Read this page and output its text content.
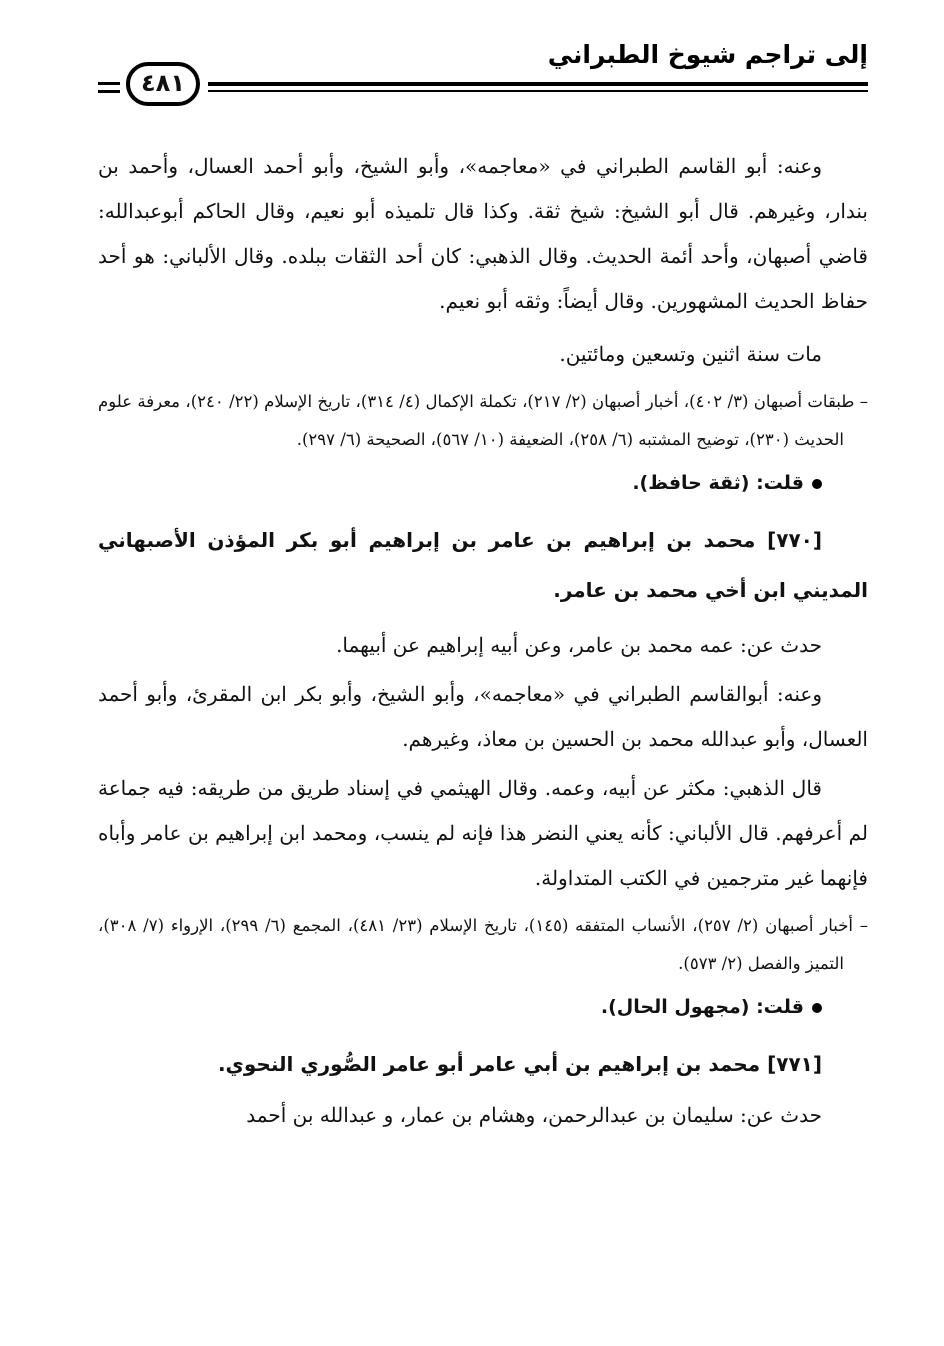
إلى تراجم شيوخ الطبراني
٤٨١

وعنه: أبو القاسم الطبراني في «معاجمه»، وأبو الشيخ، وأبو أحمد العسال، وأحمد بن بندار، وغيرهم. قال أبو الشيخ: شيخ ثقة. وكذا قال تلميذه أبو نعيم، وقال الحاكم أبوعبدالله: قاضي أصبهان، وأحد أئمة الحديث. وقال الذهبي: كان أحد الثقات ببلده. وقال الألباني: هو أحد حفاظ الحديث المشهورين. وقال أيضاً: وثقه أبو نعيم.

مات سنة اثنين وتسعين ومائتين.

– طبقات أصبهان (٣/ ٤٠٢)، أخبار أصبهان (٢/ ٢١٧)، تكملة الإكمال (٤/ ٣١٤)، تاريخ الإسلام (٢٢/ ٢٤٠)، معرفة علوم الحديث (٢٣٠)، توضيح المشتبه (٦/ ٢٥٨)، الضعيفة (١٠/ ٥٦٧)، الصحيحة (٦/ ٢٩٧).

قلت: (ثقة حافظ).

[٧٧٠] محمد بن إبراهيم بن عامر بن إبراهيم أبو بكر المؤذن الأصبهاني المديني ابن أخي محمد بن عامر.

حدث عن: عمه محمد بن عامر، وعن أبيه إبراهيم عن أبيهما.

وعنه: أبوالقاسم الطبراني في «معاجمه»، وأبو الشيخ، وأبو بكر ابن المقرئ، وأبو أحمد العسال، وأبو عبدالله محمد بن الحسين بن معاذ، وغيرهم.

قال الذهبي: مكثر عن أبيه، وعمه. وقال الهيثمي في إسناد طريق من طريقه: فيه جماعة لم أعرفهم. قال الألباني: كأنه يعني النضر هذا فإنه لم ينسب، ومحمد ابن إبراهيم بن عامر وأباه فإنهما غير مترجمين في الكتب المتداولة.

– أخبار أصبهان (٢/ ٢٥٧)، الأنساب المتفقه (١٤٥)، تاريخ الإسلام (٢٣/ ٤٨١)، المجمع (٦/ ٢٩٩)، الإرواء (٧/ ٣٠٨)، التميز والفصل (٢/ ٥٧٣).

قلت: (مجهول الحال).

[٧٧١] محمد بن إبراهيم بن أبي عامر أبو عامر الصُّوري النحوي.

حدث عن: سليمان بن عبدالرحمن، وهشام بن عمار، و عبدالله بن أحمد
